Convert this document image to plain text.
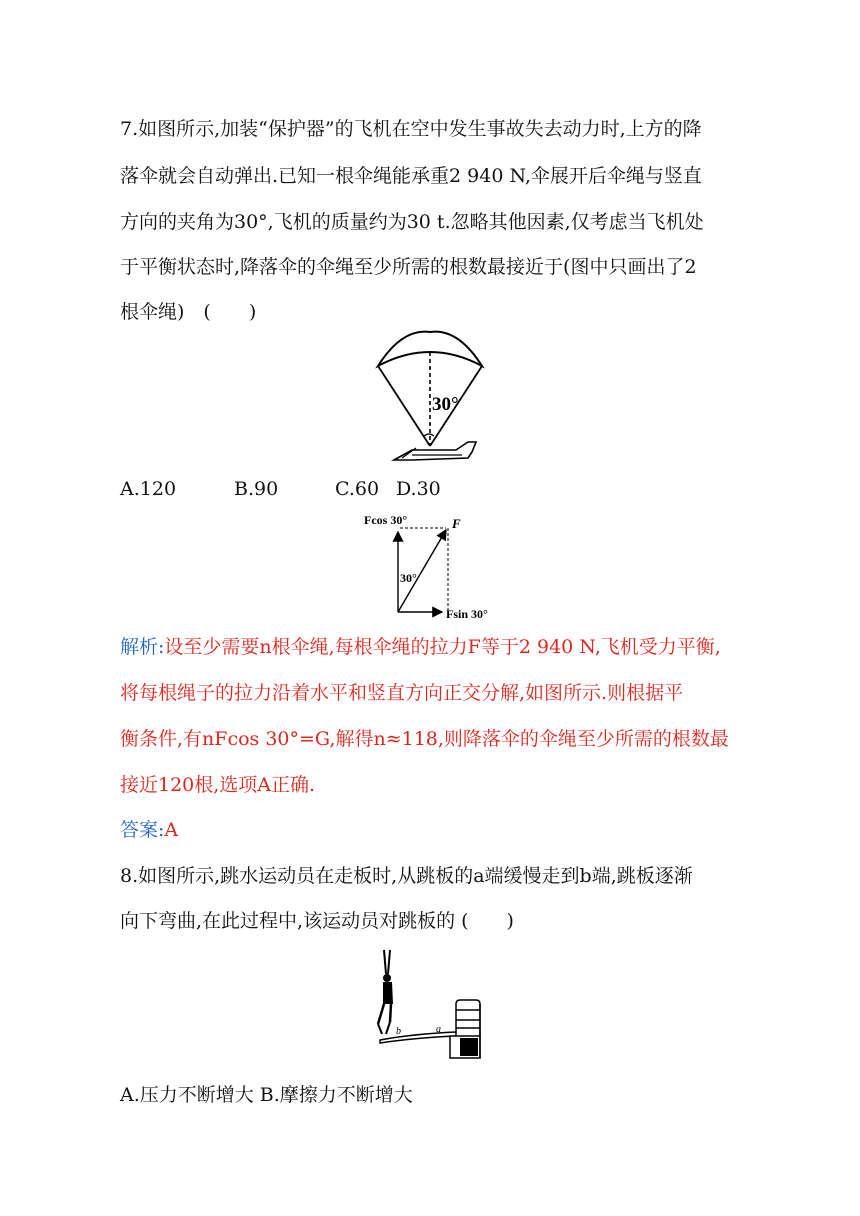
7.如图所示,加装“保护器”的飞机在空中发生事故失去动力时,上方的降
落伞就会自动弹出.已知一根伞绳能承重2 940 N,伞展开后伞绳与竖直
方向的夹角为30°,飞机的质量约为30 t.忽略其他因素,仅考虑当飞机处
于平衡状态时,降落伞的伞绳至少所需的根数最接近于(图中只画出了2
根伞绳)　(　　)
30°
A.120	B.90	C.60 D.30
Fcos 30°	F
30°
Fsin 30°
解析:设至少需要n根伞绳,每根伞绳的拉力F等于2 940 N,飞机受力平衡,
将每根绳子的拉力沿着水平和竖直方向正交分解,如图所示.则根据平
衡条件,有nFcos 30°=G,解得n≈118,则降落伞的伞绳至少所需的根数最
接近120根,选项A正确.
答案:A
8.如图所示,跳水运动员在走板时,从跳板的a端缓慢走到b端,跳板逐渐
向下弯曲,在此过程中,该运动员对跳板的 (　　)
b	a
A.压力不断增大 B.摩擦力不断增大
